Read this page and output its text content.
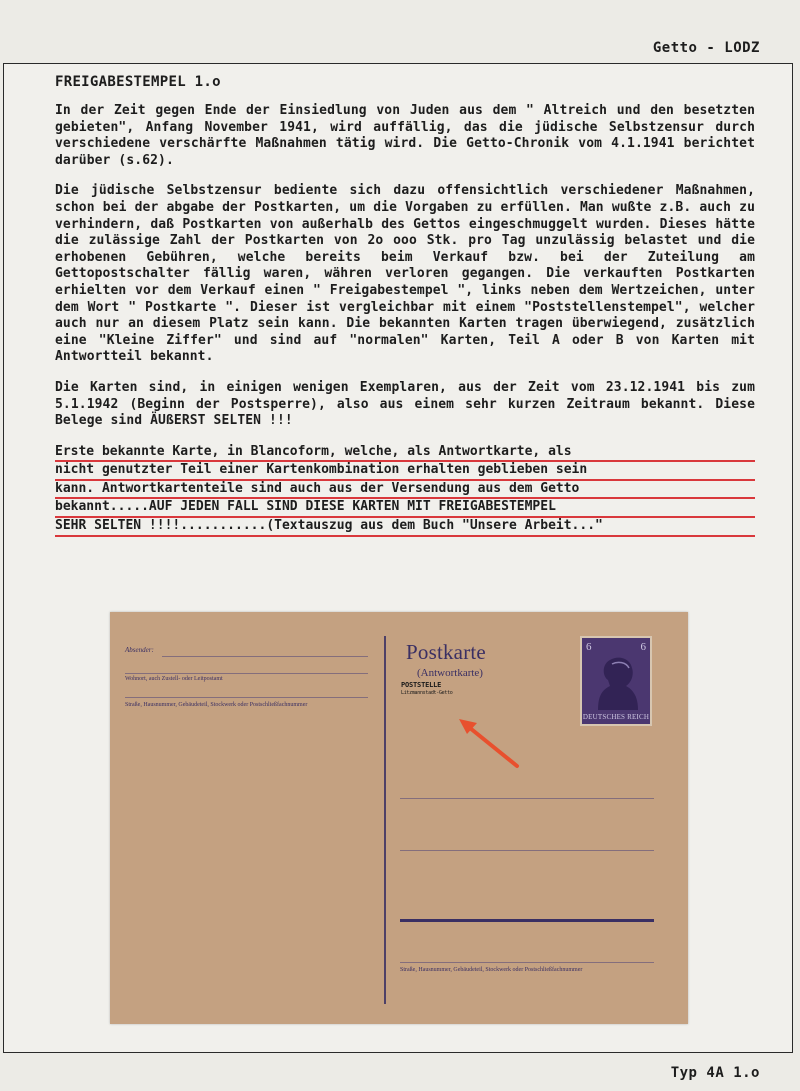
Getto - LODZ
FREIGABESTEMPEL 1.o

In der Zeit gegen Ende der Einsiedlung von Juden aus dem " Altreich und den besetzten gebieten", Anfang November 1941, wird auffällig, das die jüdische Selbstzensur durch verschiedene verschärfte Maßnahmen tätig wird. Die Getto-Chronik vom 4.1.1941 berichtet darüber (s.62).

Die jüdische Selbstzensur bediente sich dazu offensichtlich verschiedener Maßnahmen, schon bei der abgabe der Postkarten, um die Vorgaben zu erfüllen. Man wußte z.B. auch zu verhindern, daß Postkarten von außerhalb des Gettos eingeschmuggelt wurden. Dieses hätte die zulässige Zahl der Postkarten von 2o ooo Stk. pro Tag unzulässig belastet und die erhobenen Gebühren, welche bereits beim Verkauf bzw. bei der Zuteilung am Gettopostschalter fällig waren, währen verloren gegangen. Die verkauften Postkarten erhielten vor dem Verkauf einen " Freigabestempel ", links neben dem Wertzeichen, unter dem Wort " Postkarte ". Dieser ist vergleichbar mit einem "Poststellenstempel", welcher auch nur an diesem Platz sein kann. Die bekannten Karten tragen überwiegend, zusätzlich eine "Kleine Ziffer" und sind auf "normalen" Karten, Teil A oder B von Karten mit Antwortteil bekannt.

Die Karten sind, in einigen wenigen Exemplaren, aus der Zeit vom 23.12.1941 bis zum 5.1.1942 (Beginn der Postsperre), also aus einem sehr kurzen Zeitraum bekannt. Diese Belege sind ÄUßERST SELTEN !!!

Erste bekannte Karte, in Blancoform, welche, als Antwortkarte, als
nicht genutzter Teil einer Kartenkombination erhalten geblieben sein
kann. Antwortkartenteile sind auch aus der Versendung aus dem Getto
bekannt.....AUF JEDEN FALL SIND DIESE KARTEN MIT FREIGABESTEMPEL
SEHR SELTEN !!!!...........(Textauszug aus dem Buch "Unsere Arbeit..."
Absender:
Wohnort, auch Zustell- oder Leitpostamt
Straße, Hausnummer, Gebäudeteil, Stockwerk oder Postschließfachnummer
Postkarte
(Antwortkarte)
POSTSTELLE
Litzmannstadt-Getto
6	6
DEUTSCHES REICH
Straße, Hausnummer, Gebäudeteil, Stockwerk oder Postschließfachnummer
Typ 4A 1.o
